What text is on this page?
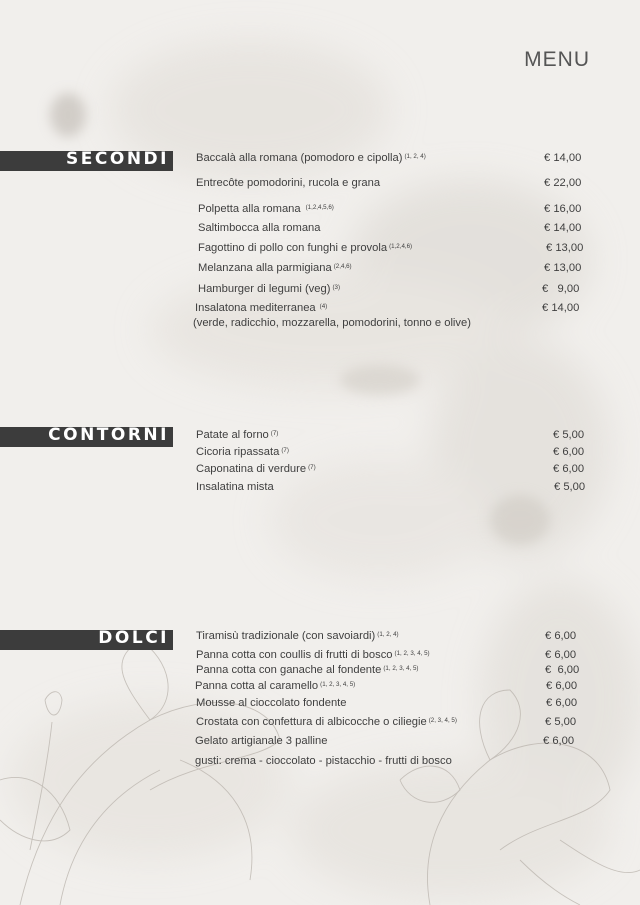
MENU
SECONDI Baccalà alla romana (pomodoro e cipolla) $^{(1, 2, 4)}$	€ 14,00
Entrecôte pomodorini, rucola e grana	€ 22,00
Polpetta alla romana $^{(1,2,4,5,6)}$	€ 16,00
Saltimbocca alla romana	€ 14,00
Fagottino di pollo con funghi e provola $^{(1,2,4,6)}$	€ 13,00
Melanzana alla parmigiana $^{(2,4,6)}$	€ 13,00
Hamburger di legumi (veg) $^{(3)}$	€   9,00
Insalatona mediterranea $^{(4)}$	€ 14,00
(verde, radicchio, mozzarella, pomodorini, tonno e olive)
CONTORNI Patate al forno $^{(7)}$	€ 5,00
Cicoria ripassata $^{(7)}$	€ 6,00
Caponatina di verdure $^{(7)}$	€ 6,00
Insalatina mista	€ 5,00
DOLCI Tiramisù tradizionale (con savoiardi) $^{(1, 2, 4)}$	€ 6,00
Panna cotta con coullis di frutti di bosco $^{(1, 2, 3, 4, 5)}$	€ 6,00
Panna cotta con ganache al fondente $^{(1, 2, 3, 4, 5)}$	€  6,00
Panna cotta al caramello $^{(1, 2, 3, 4, 5)}$	€ 6,00
Mousse al cioccolato fondente	€ 6,00
Crostata con confettura di albicocche o ciliegie $^{(2, 3, 4, 5)}$	€ 5,00
Gelato artigianale 3 palline	€ 6,00
gusti: crema - cioccolato - pistacchio - frutti di bosco
